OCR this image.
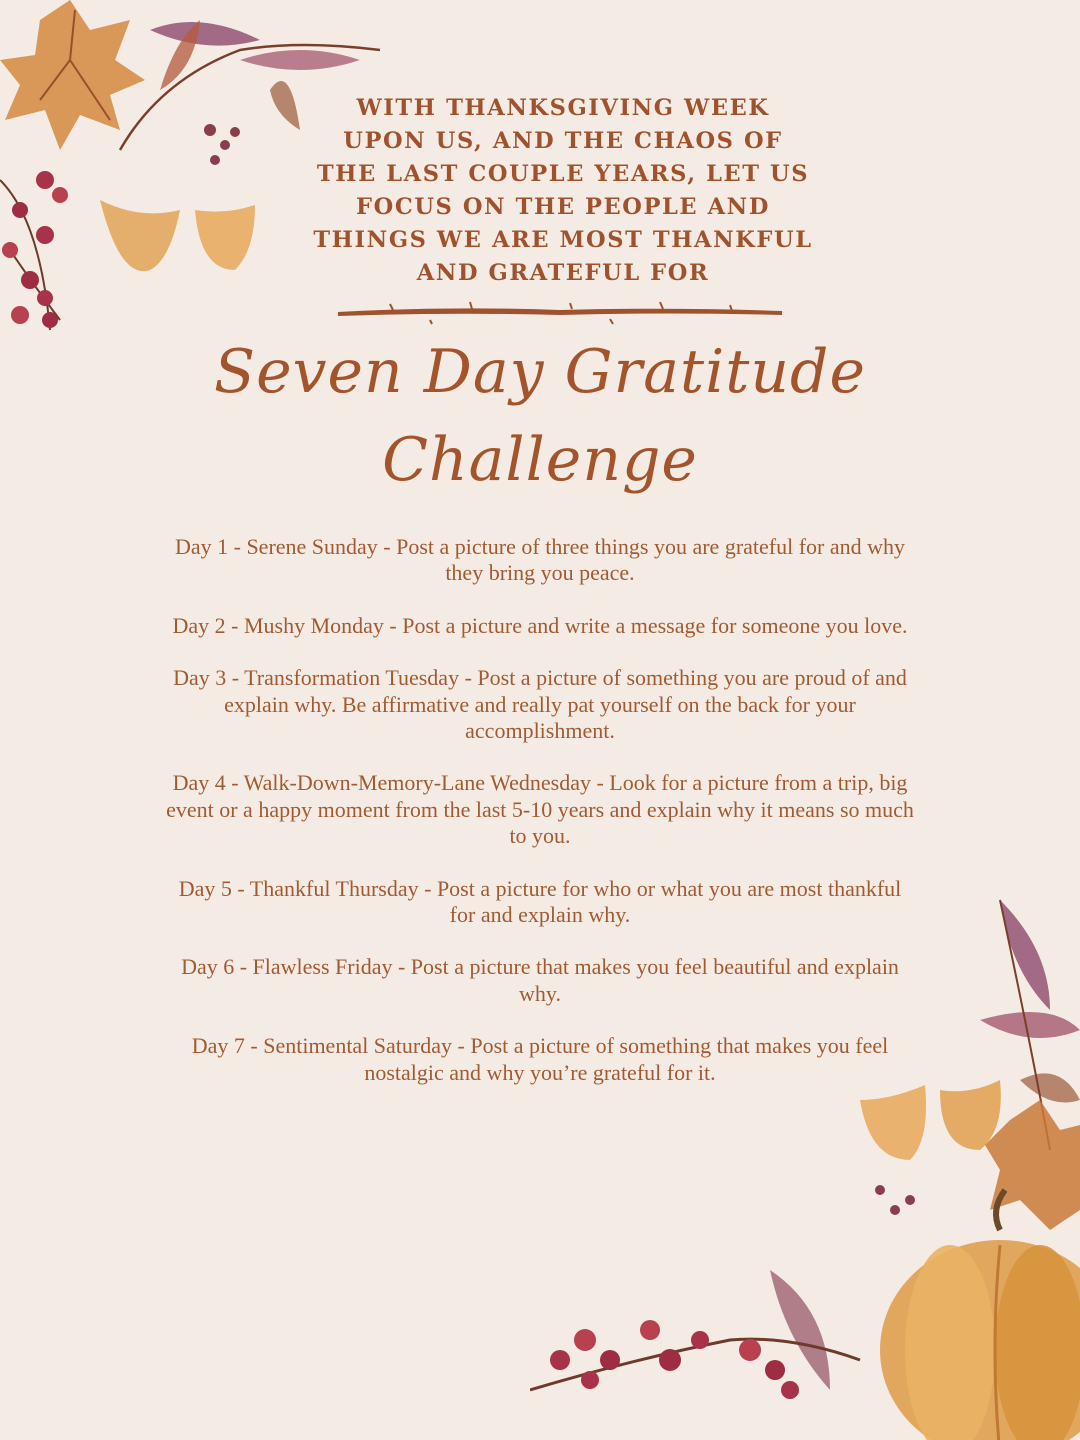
WITH THANKSGIVING WEEK
UPON US, AND THE CHAOS OF
THE LAST COUPLE YEARS, LET US
FOCUS ON THE PEOPLE AND
THINGS WE ARE MOST THANKFUL
AND GRATEFUL FOR
Seven Day Gratitude
Challenge

Day 1 - Serene Sunday - Post a picture of three things you are grateful for and why
they bring you peace.

Day 2 - Mushy Monday - Post a picture and write a message for someone you love.

Day 3 - Transformation Tuesday - Post a picture of something you are proud of and
explain why. Be affirmative and really pat yourself on the back for your
accomplishment.

Day 4 - Walk-Down-Memory-Lane Wednesday - Look for a picture from a trip, big
event or a happy moment from the last 5-10 years and explain why it means so much
to you.

Day 5 - Thankful Thursday - Post a picture for who or what you are most thankful
for and explain why.

Day 6 - Flawless Friday - Post a picture that makes you feel beautiful and explain
why.

Day 7 - Sentimental Saturday - Post a picture of something that makes you feel
nostalgic and why you’re grateful for it.
